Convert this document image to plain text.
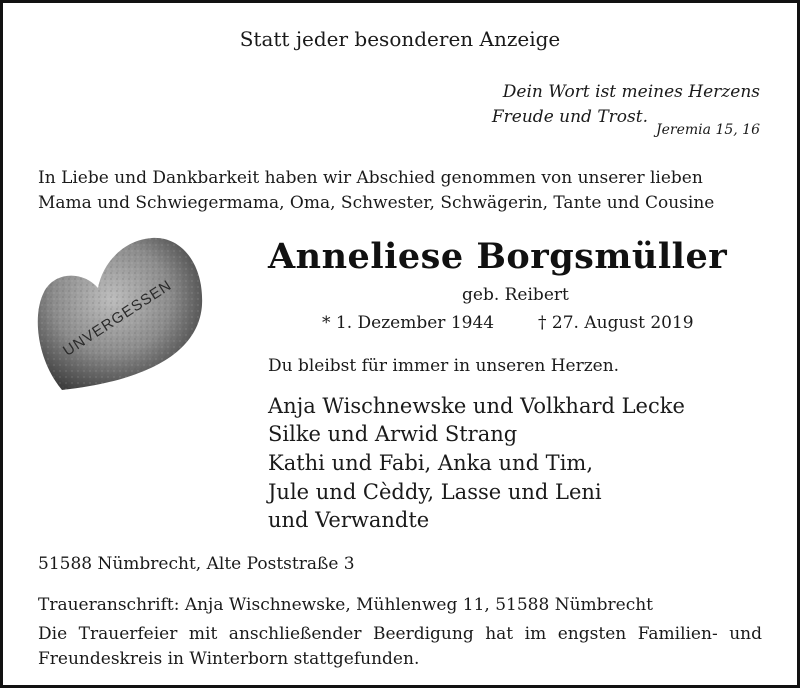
Statt jeder besonderen Anzeige
Dein Wort ist meines Herzens
Freude und Trost.
Jeremia 15, 16
In Liebe und Dankbarkeit haben wir Abschied genommen von unserer lieben
Mama und Schwiegermama, Oma, Schwester, Schwägerin, Tante und Cousine
UNVERGESSEN
Anneliese Borgsmüller
geb. Reibert
* 1. Dezember 1944	† 27. August 2019
Du bleibst für immer in unseren Herzen.
Anja Wischnewske und Volkhard Lecke
Silke und Arwid Strang
Kathi und Fabi, Anka und Tim,
Jule und Cèddy, Lasse und Leni
und Verwandte
51588 Nümbrecht, Alte Poststraße 3
Traueranschrift: Anja Wischnewske, Mühlenweg 11, 51588 Nümbrecht
Die Trauerfeier mit anschließender Beerdigung hat im engsten Familien- und
Freundeskreis in Winterborn stattgefunden.
